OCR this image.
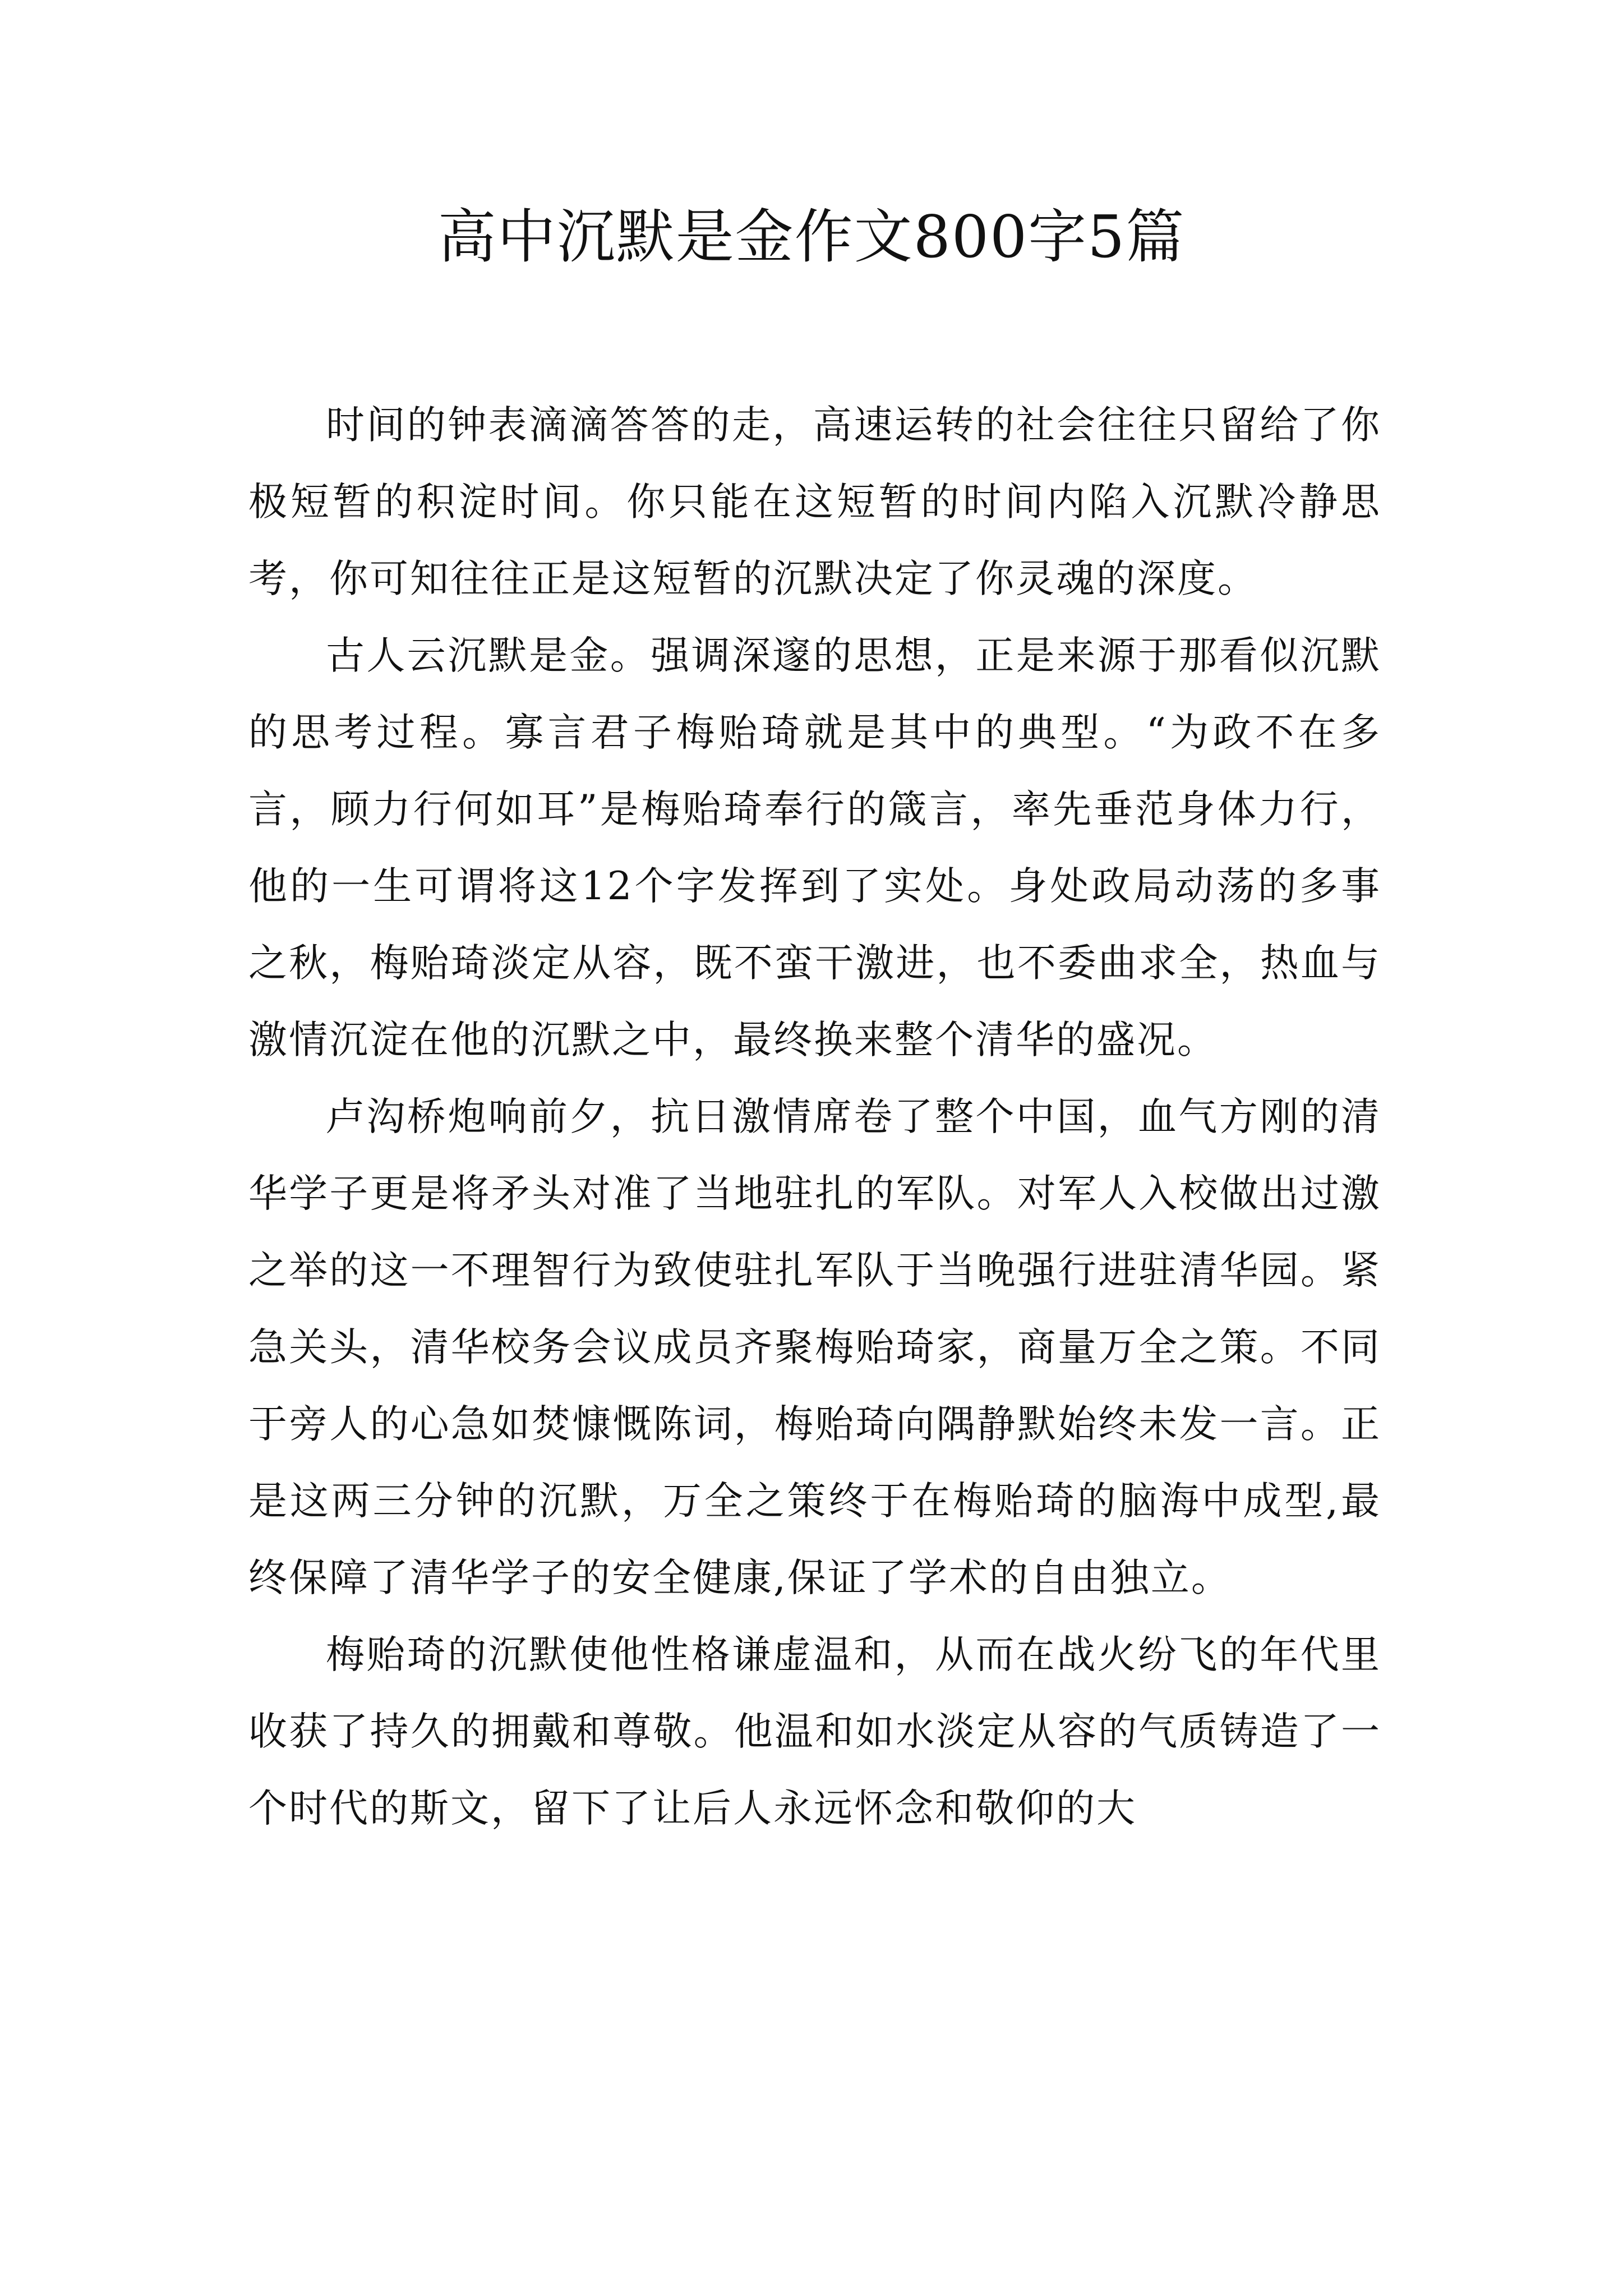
高中沉默是金作文800字5篇

时间的钟表滴滴答答的走，高速运转的社会往往只留给了你极短暂的积淀时间。你只能在这短暂的时间内陷入沉默冷静思考，你可知往往正是这短暂的沉默决定了你灵魂的深度。

古人云沉默是金。强调深邃的思想，正是来源于那看似沉默的思考过程。寡言君子梅贻琦就是其中的典型。“为政不在多言，顾力行何如耳”是梅贻琦奉行的箴言，率先垂范身体力行，他的一生可谓将这12个字发挥到了实处。身处政局动荡的多事之秋，梅贻琦淡定从容，既不蛮干激进，也不委曲求全，热血与激情沉淀在他的沉默之中，最终换来整个清华的盛况。

卢沟桥炮响前夕，抗日激情席卷了整个中国，血气方刚的清华学子更是将矛头对准了当地驻扎的军队。对军人入校做出过激之举的这一不理智行为致使驻扎军队于当晚强行进驻清华园。紧急关头，清华校务会议成员齐聚梅贻琦家，商量万全之策。不同于旁人的心急如焚慷慨陈词，梅贻琦向隅静默始终未发一言。正是这两三分钟的沉默，万全之策终于在梅贻琦的脑海中成型,最终保障了清华学子的安全健康,保证了学术的自由独立。

梅贻琦的沉默使他性格谦虚温和，从而在战火纷飞的年代里收获了持久的拥戴和尊敬。他温和如水淡定从容的气质铸造了一个时代的斯文，留下了让后人永远怀念和敬仰的大
